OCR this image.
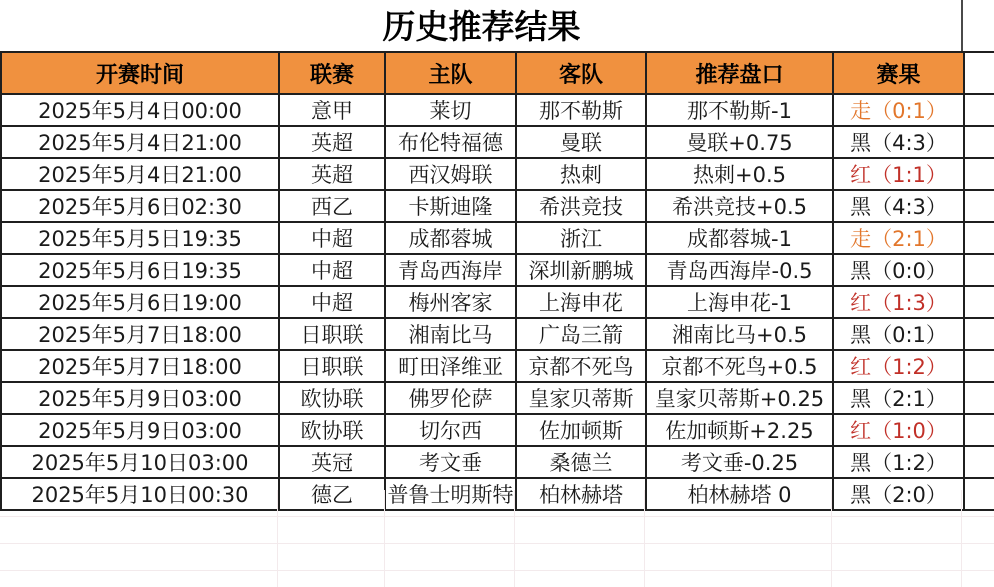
历史推荐结果
开赛时间	联赛	主队	客队	推荐盘口	赛果	

2025年5月4日00:00	意甲	莱切	那不勒斯	那不勒斯-1	走（0:1）	

2025年5月4日21:00	英超	布伦特福德	曼联	曼联+0.75	黑（4:3）	

2025年5月4日21:00	英超	西汉姆联	热刺	热刺+0.5	红（1:1）	

2025年5月6日02:30	西乙	卡斯迪隆	希洪竞技	希洪竞技+0.5	黑（4:3）	

2025年5月5日19:35	中超	成都蓉城	浙江	成都蓉城-1	走（2:1）	

2025年5月6日19:35	中超	青岛西海岸	深圳新鹏城	青岛西海岸-0.5	黑（0:0）	

2025年5月6日19:00	中超	梅州客家	上海申花	上海申花-1	红（1:3）	

2025年5月7日18:00	日职联	湘南比马	广岛三箭	湘南比马+0.5	黑（0:1）	

2025年5月7日18:00	日职联	町田泽维亚	京都不死鸟	京都不死鸟+0.5	红（1:2）	

2025年5月9日03:00	欧协联	佛罗伦萨	皇家贝蒂斯	皇家贝蒂斯+0.25	黑（2:1）	

2025年5月9日03:00	欧协联	切尔西	佐加顿斯	佐加顿斯+2.25	红（1:0）	

2025年5月10日03:00	英冠	考文垂	桑德兰	考文垂-0.25	黑（1:2）	

2025年5月10日00:30	德乙	普鲁士明斯特	柏林赫塔	柏林赫塔 0	黑（2:0）	
